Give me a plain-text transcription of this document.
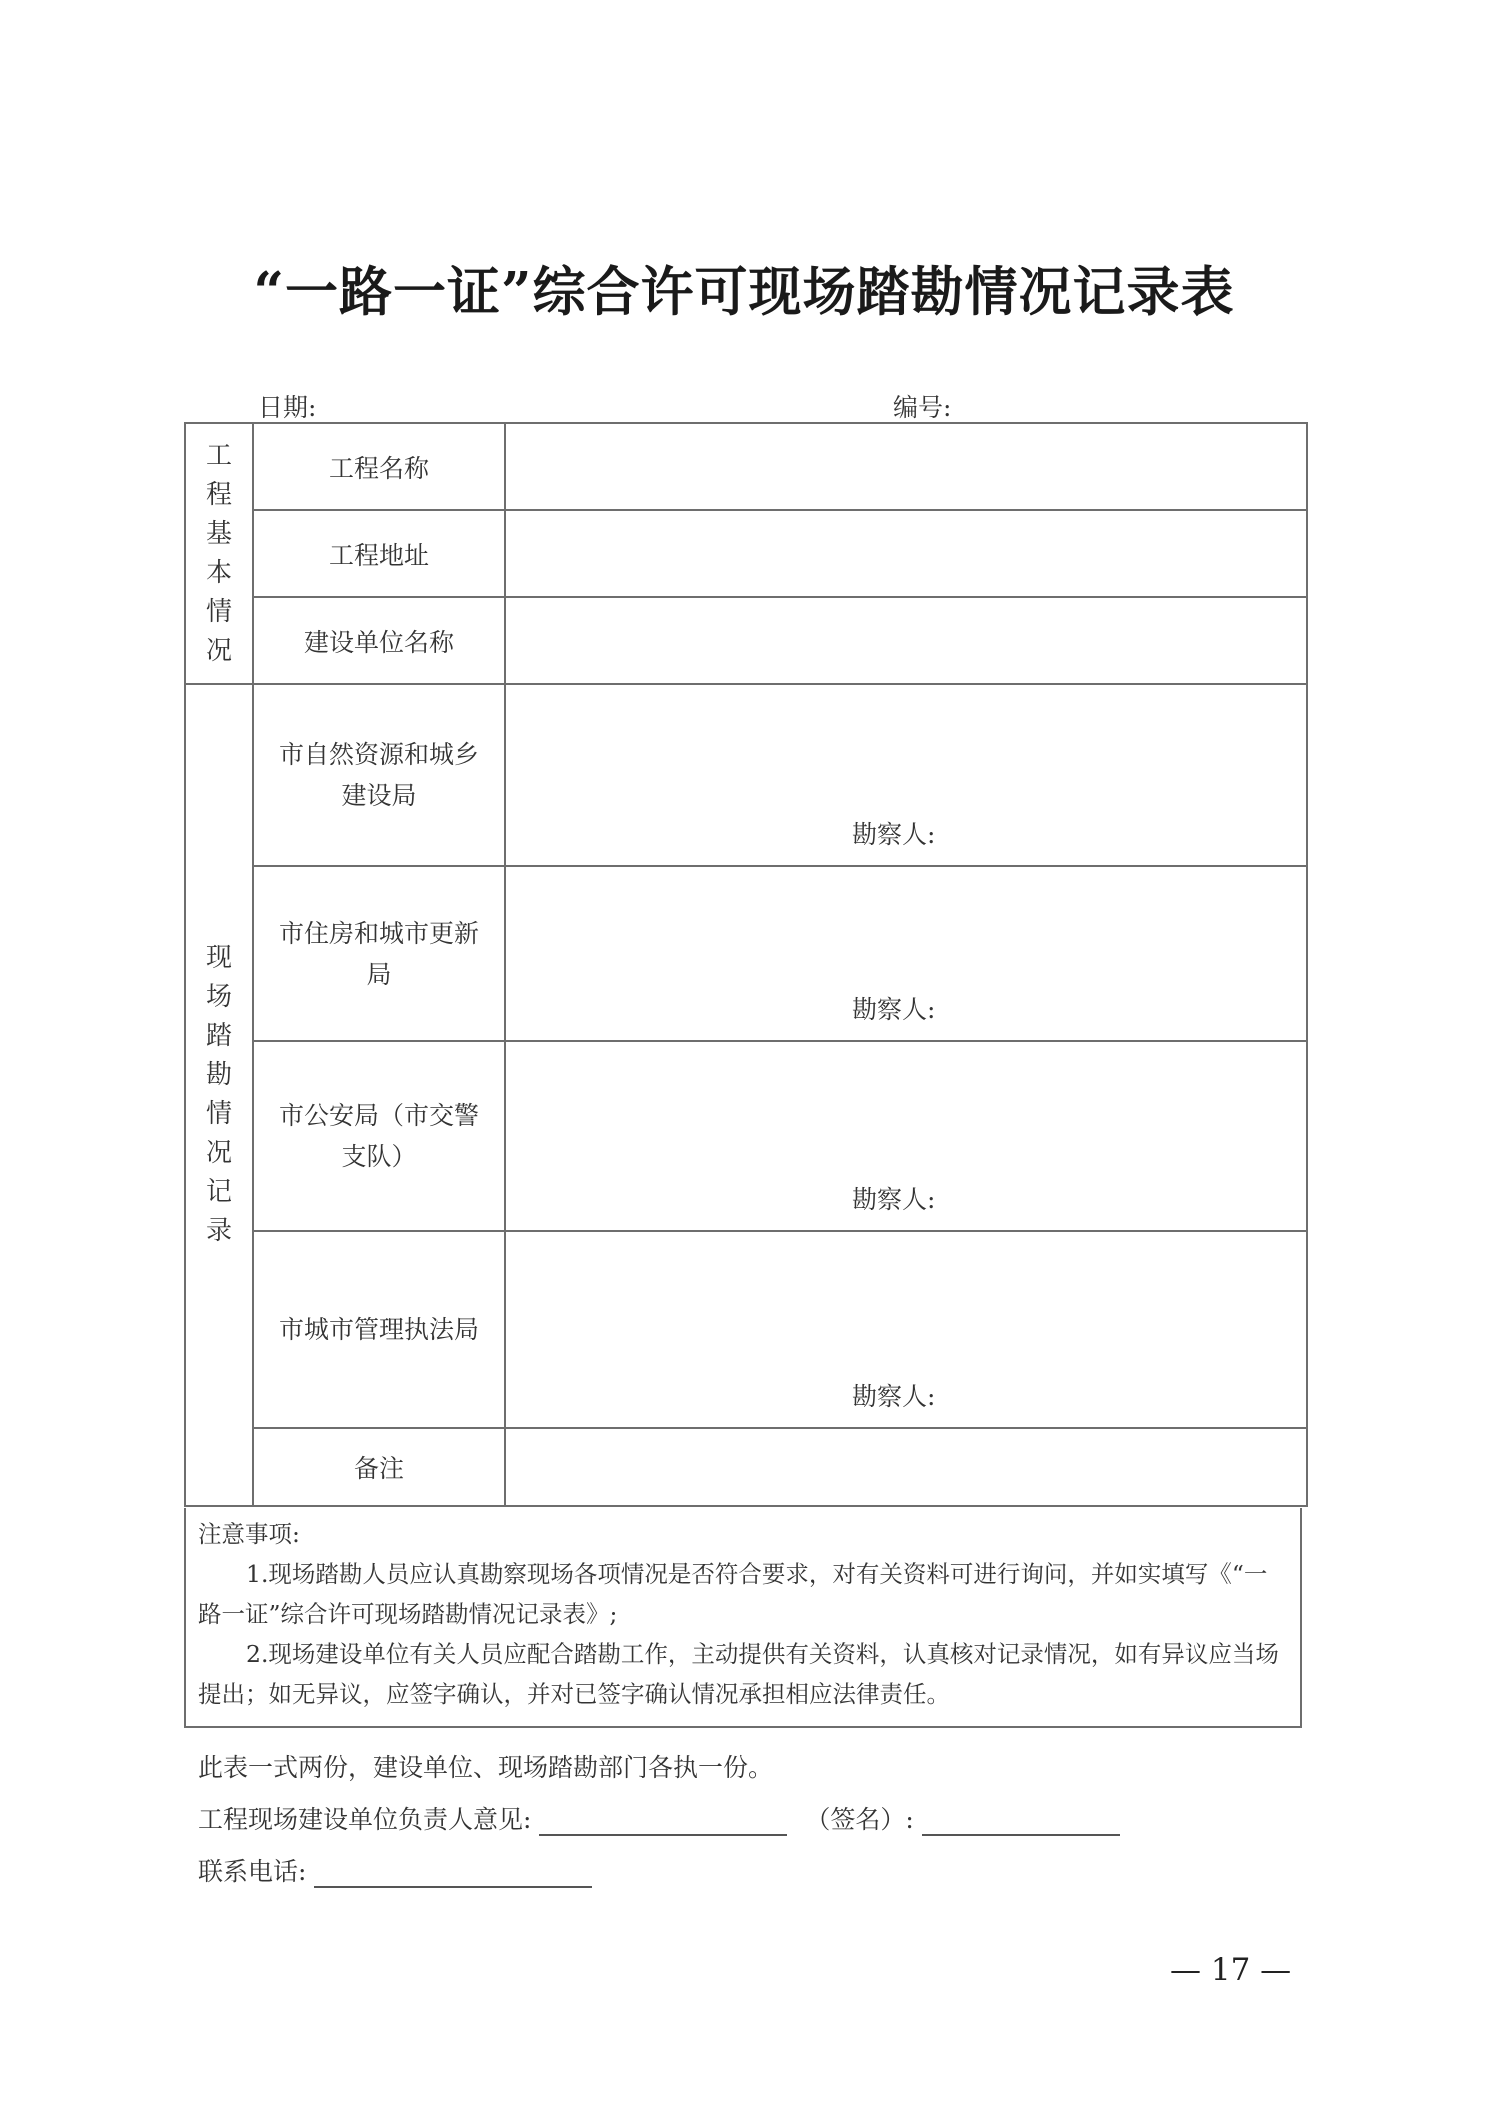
“一路一证”综合许可现场踏勘情况记录表
日期:	编号:
工程基本情况	工程名称	
	工程地址	
	建设单位名称	

现场踏勘情况记录	市自然资源和城乡建设局	勘察人:

	市住房和城市更新局	勘察人:

	市公安局（市交警支队）	勘察人:

	市城市管理执法局	勘察人:

	备注	

注意事项:

1.现场踏勘人员应认真勘察现场各项情况是否符合要求，对有关资料可进行询问，并如实填写《“一路一证”综合许可现场踏勘情况记录表》;

2.现场建设单位有关人员应配合踏勘工作，主动提供有关资料，认真核对记录情况，如有异议应当场提出；如无异议，应签字确认，并对已签字确认情况承担相应法律责任。

此表一式两份，建设单位、现场踏勘部门各执一份。
工程现场建设单位负责人意见:	（签名）:
联系电话:
— 17 —
